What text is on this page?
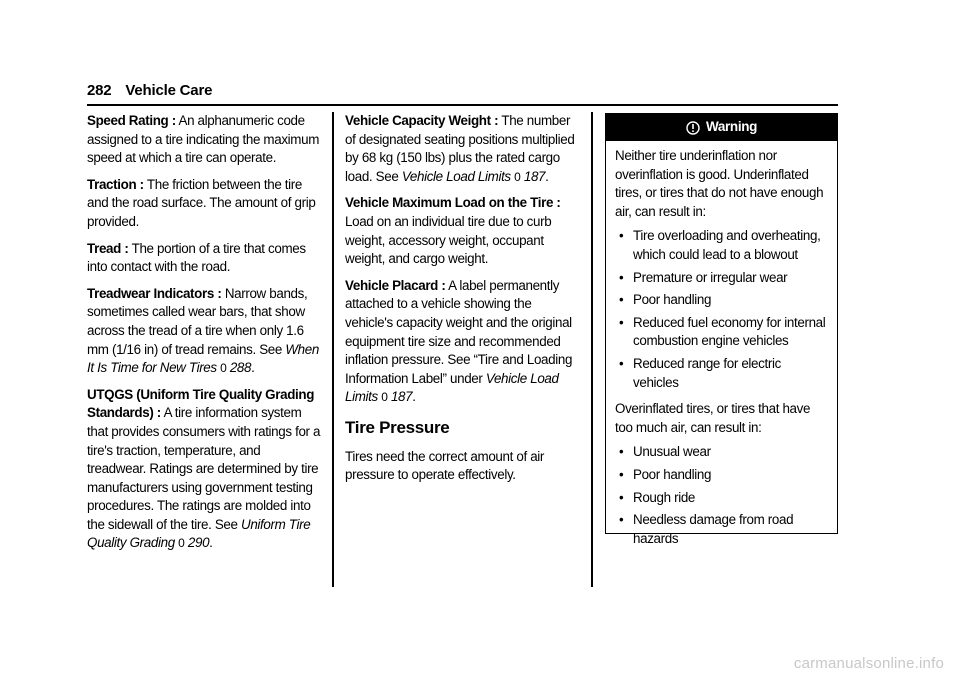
282 Vehicle Care

Speed Rating : An alphanumeric code assigned to a tire indicating the maximum speed at which a tire can operate.

Traction : The friction between the tire and the road surface. The amount of grip provided.

Tread : The portion of a tire that comes into contact with the road.

Treadwear Indicators : Narrow bands, sometimes called wear bars, that show across the tread of a tire when only 1.6 mm (1/16 in) of tread remains. See When It Is Time for New Tires 0 288.

UTQGS (Uniform Tire Quality Grading Standards) : A tire information system that provides consumers with ratings for a tire's traction, temperature, and treadwear. Ratings are determined by tire manufacturers using government testing procedures. The ratings are molded into the sidewall of the tire. See Uniform Tire Quality Grading 0 290.

Vehicle Capacity Weight : The number of designated seating positions multiplied by 68 kg (150 lbs) plus the rated cargo load. See Vehicle Load Limits 0 187.

Vehicle Maximum Load on the Tire : Load on an individual tire due to curb weight, accessory weight, occupant weight, and cargo weight.

Vehicle Placard : A label permanently attached to a vehicle showing the vehicle's capacity weight and the original equipment tire size and recommended inflation pressure. See “Tire and Loading Information Label” under Vehicle Load Limits 0 187.

Tire Pressure

Tires need the correct amount of air pressure to operate effectively.

Warning

Neither tire underinflation nor overinflation is good. Underinflated tires, or tires that do not have enough air, can result in:

• Tire overloading and overheating, which could lead to a blowout
• Premature or irregular wear
• Poor handling
• Reduced fuel economy for internal combustion engine vehicles
• Reduced range for electric vehicles

Overinflated tires, or tires that have too much air, can result in:

• Unusual wear
• Poor handling
• Rough ride
• Needless damage from road hazards
carmanualsonline.info
